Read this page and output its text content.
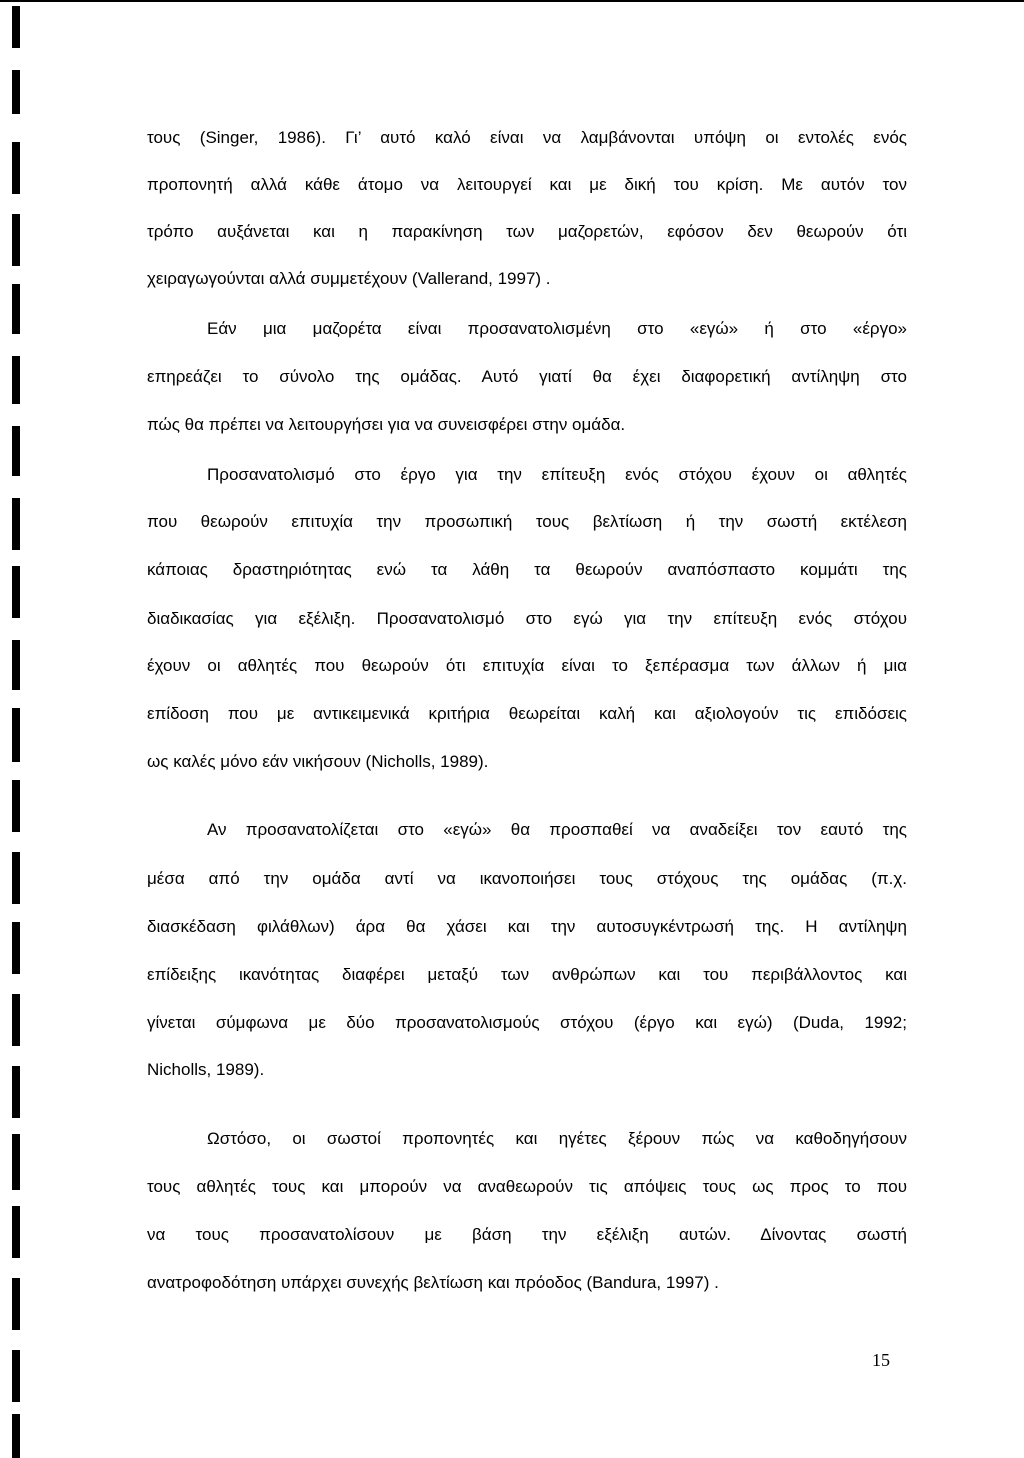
τους (Singer, 1986). Γι’ αυτό καλό είναι να λαμβάνονται υπόψη οι εντολές ενός
προπονητή αλλά κάθε άτομο να λειτουργεί και με δική του κρίση. Με αυτόν τον
τρόπο αυξάνεται και η παρακίνηση των μαζορετών, εφόσον δεν θεωρούν ότι
χειραγωγούνται αλλά συμμετέχουν (Vallerand, 1997) .
Εάν μια μαζορέτα είναι προσανατολισμένη στο «εγώ» ή στο «έργο»
επηρεάζει το σύνολο της ομάδας. Αυτό γιατί θα έχει διαφορετική αντίληψη στο
πώς θα πρέπει να λειτουργήσει για να συνεισφέρει στην ομάδα.
Προσανατολισμό στο έργο για την επίτευξη ενός στόχου έχουν οι αθλητές
που θεωρούν επιτυχία την προσωπική τους βελτίωση ή την σωστή εκτέλεση
κάποιας δραστηριότητας ενώ τα λάθη τα θεωρούν αναπόσπαστο κομμάτι της
διαδικασίας για εξέλιξη. Προσανατολισμό στο εγώ για την επίτευξη ενός στόχου
έχουν οι αθλητές που θεωρούν ότι επιτυχία είναι το ξεπέρασμα των άλλων ή μια
επίδοση που με αντικειμενικά κριτήρια θεωρείται καλή και αξιολογούν τις επιδόσεις
ως καλές μόνο εάν νικήσουν (Nicholls, 1989).
Αν προσανατολίζεται στο «εγώ» θα προσπαθεί να αναδείξει τον εαυτό της
μέσα από την ομάδα αντί να ικανοποιήσει τους στόχους της ομάδας (π.χ.
διασκέδαση φιλάθλων) άρα θα χάσει και την αυτοσυγκέντρωσή της. Η αντίληψη
επίδειξης ικανότητας διαφέρει μεταξύ των ανθρώπων και του περιβάλλοντος και
γίνεται σύμφωνα με δύο προσανατολισμούς στόχου (έργο και εγώ) (Duda, 1992;
Nicholls, 1989).
Ωστόσο, οι σωστοί προπονητές και ηγέτες ξέρουν πώς να καθοδηγήσουν
τους αθλητές τους και μπορούν να αναθεωρούν τις απόψεις τους ως προς το που
να τους προσανατολίσουν με βάση την εξέλιξη αυτών. Δίνοντας σωστή
ανατροφοδότηση υπάρχει συνεχής βελτίωση και πρόοδος (Bandura, 1997) .
15
